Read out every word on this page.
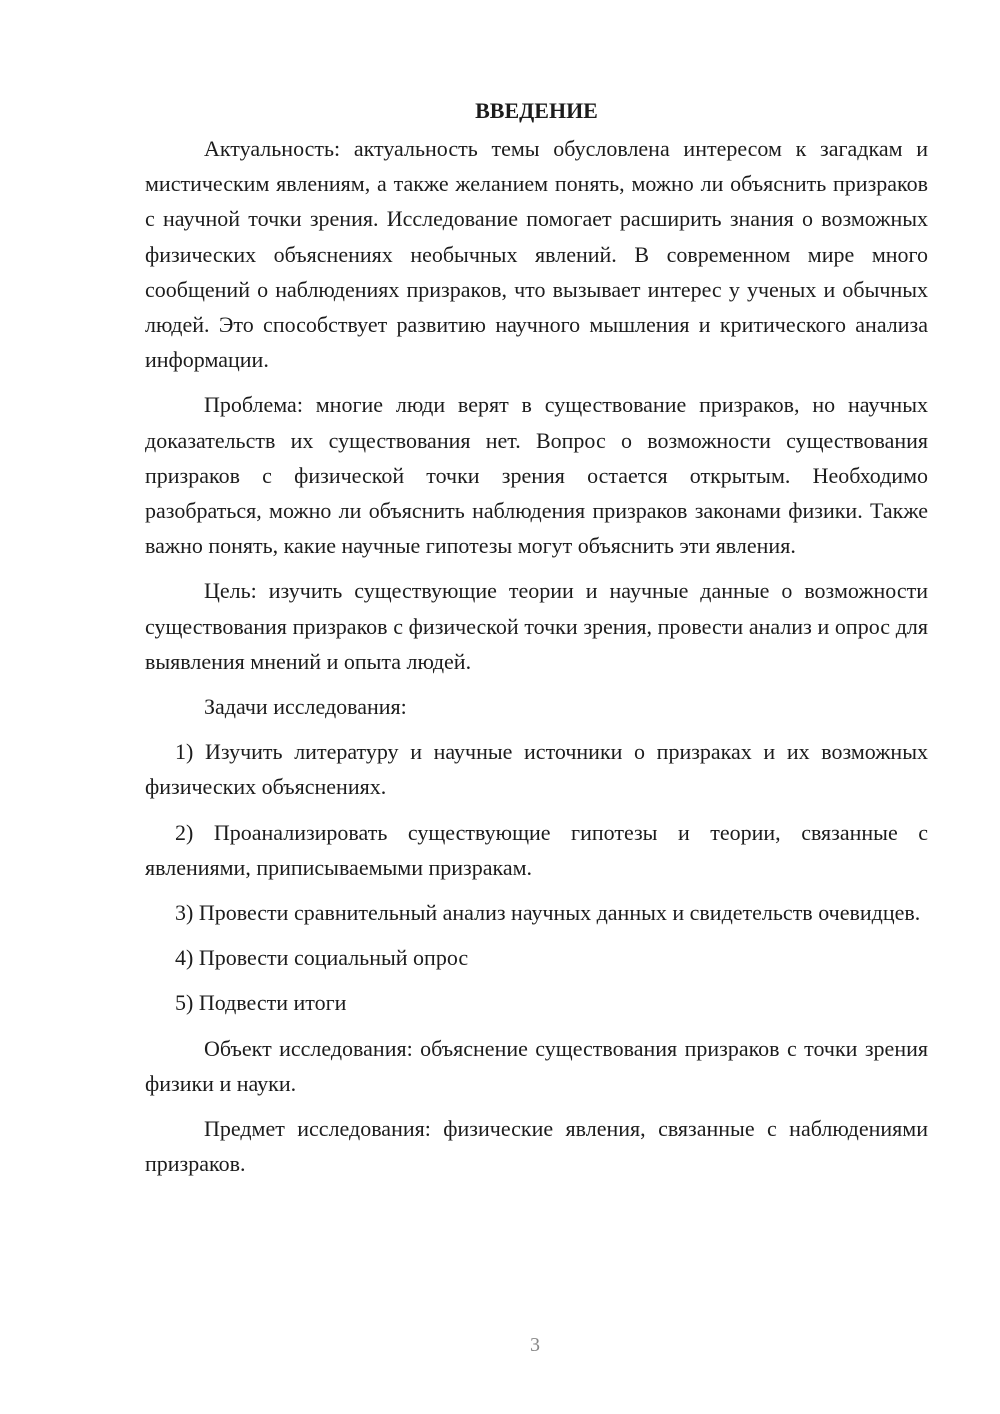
ВВЕДЕНИЕ

Актуальность: актуальность темы обусловлена интересом к загадкам и мистическим явлениям, а также желанием понять, можно ли объяснить призраков с научной точки зрения. Исследование помогает расширить знания о возможных физических объяснениях необычных явлений. В современном мире много сообщений о наблюдениях призраков, что вызывает интерес у ученых и обычных людей. Это способствует развитию научного мышления и критического анализа информации.

Проблема: многие люди верят в существование призраков, но научных доказательств их существования нет. Вопрос о возможности существования призраков с физической точки зрения остается открытым. Необходимо разобраться, можно ли объяснить наблюдения призраков законами физики. Также важно понять, какие научные гипотезы могут объяснить эти явления.

Цель: изучить существующие теории и научные данные о возможности существования призраков с физической точки зрения, провести анализ и опрос для выявления мнений и опыта людей.

Задачи исследования:

1) Изучить литературу и научные источники о призраках и их возможных физических объяснениях.

2) Проанализировать существующие гипотезы и теории, связанные с явлениями, приписываемыми призракам.

3) Провести сравнительный анализ научных данных и свидетельств очевидцев.

4) Провести социальный опрос

5) Подвести итоги

Объект исследования: объяснение существования призраков с точки зрения физики и науки.

Предмет исследования: физические явления, связанные с наблюдениями призраков.

3
